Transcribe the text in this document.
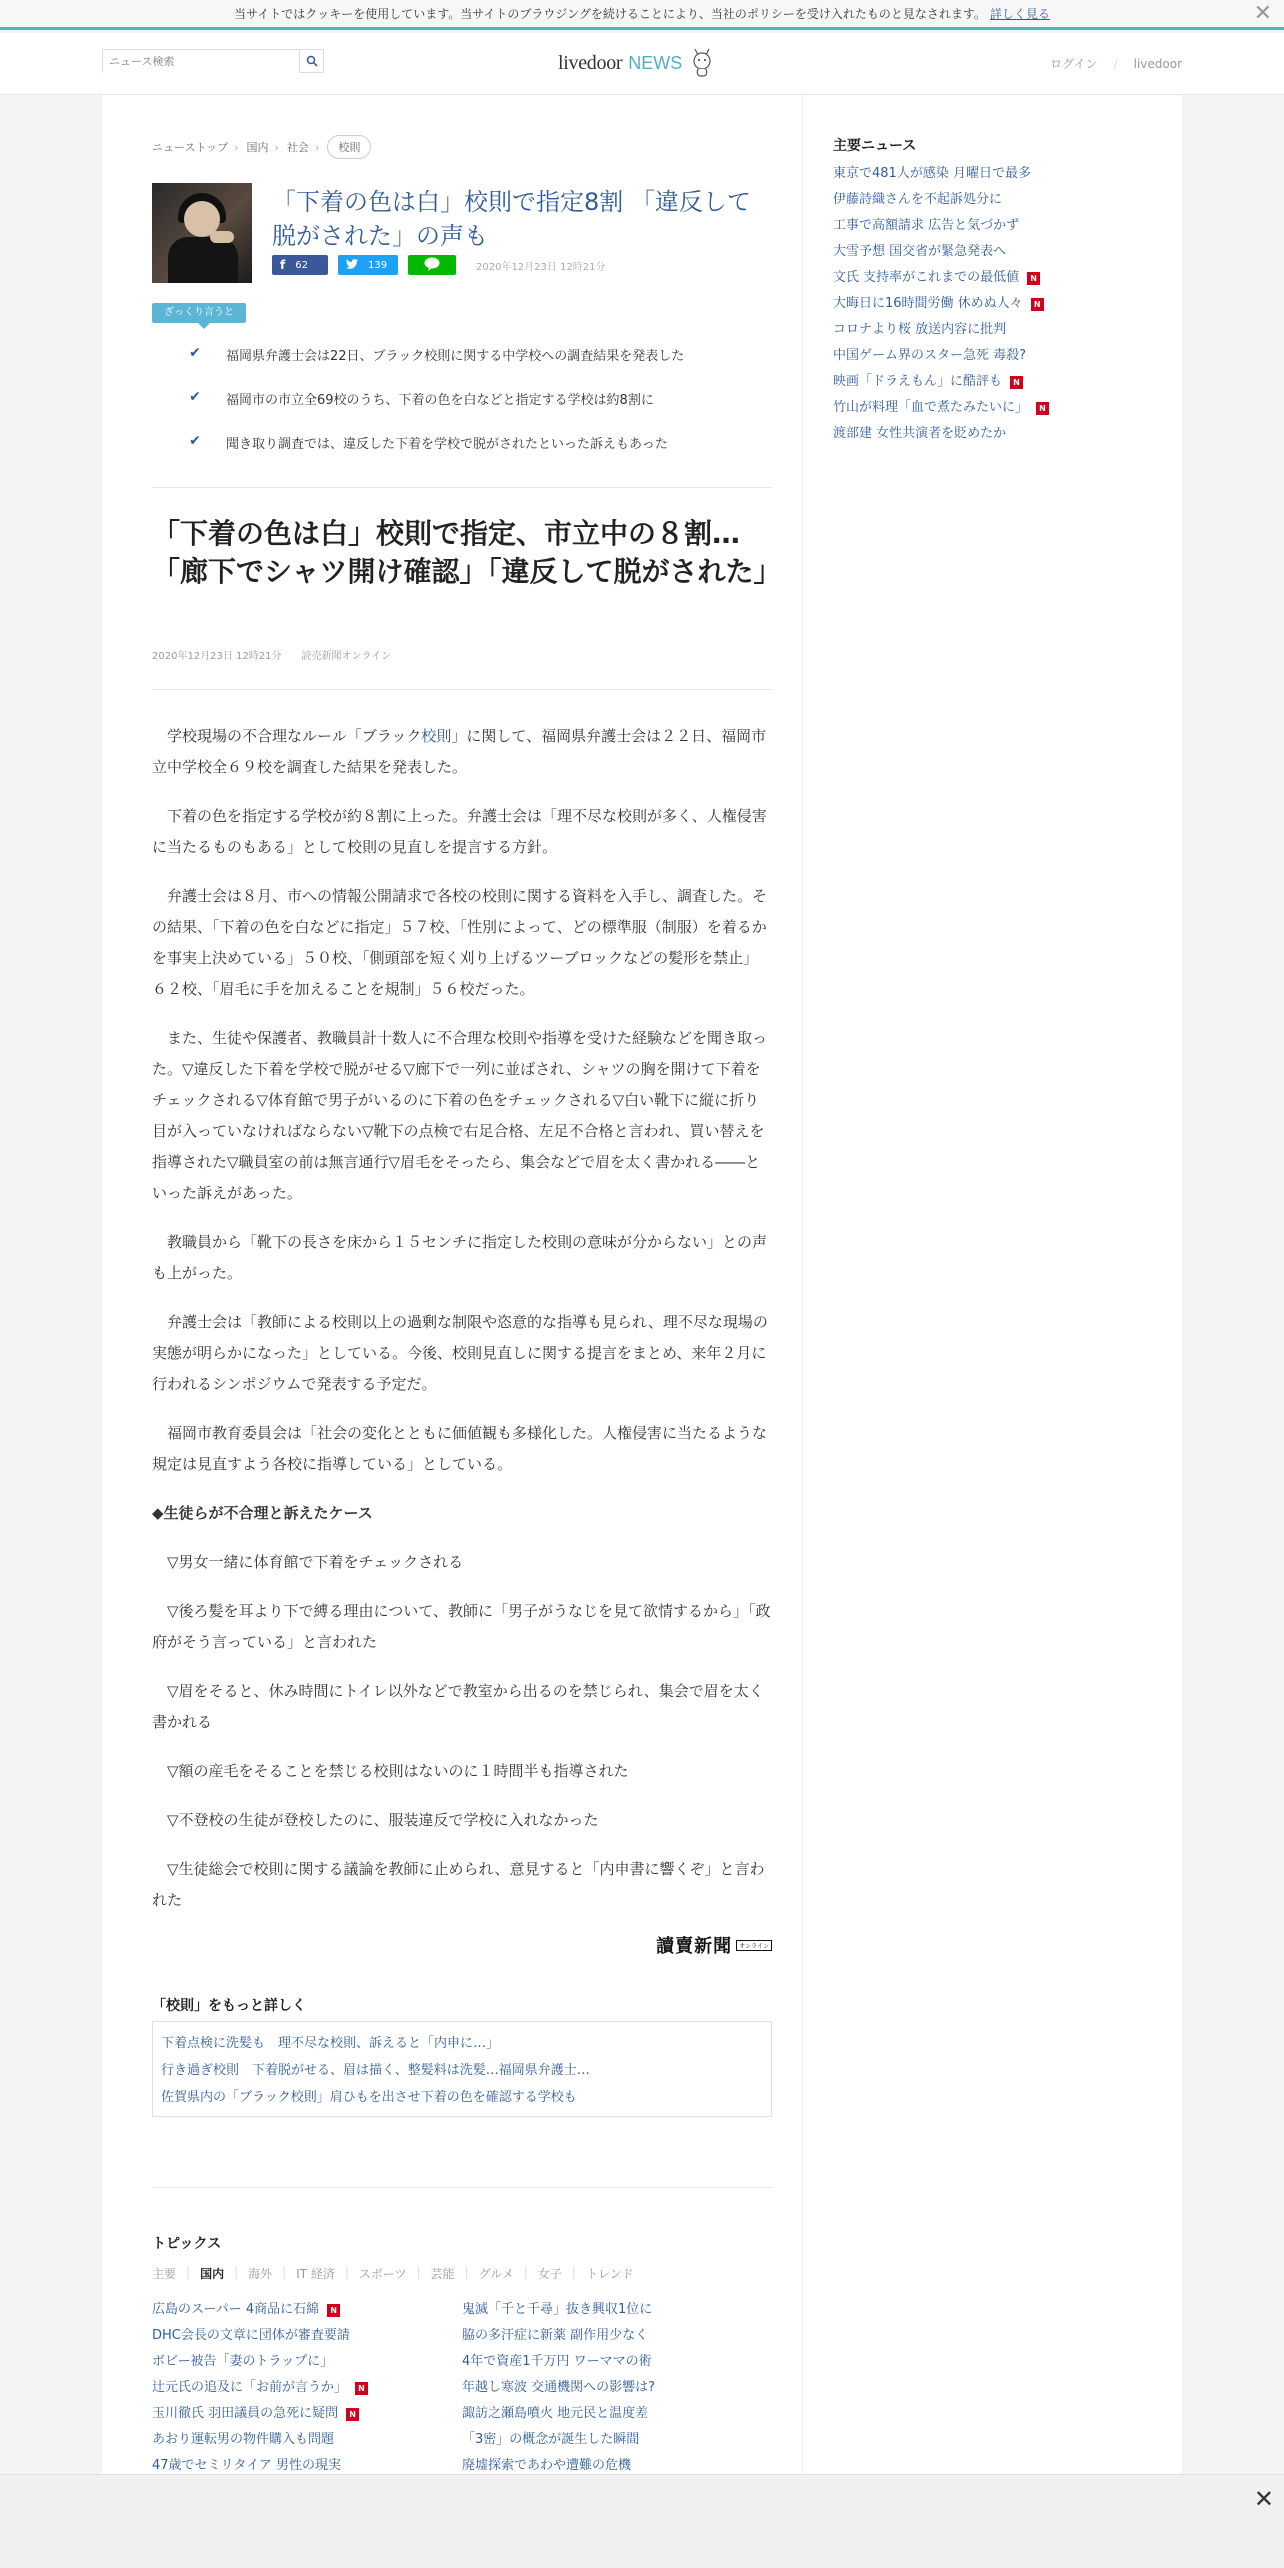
当サイトではクッキーを使用しています。当サイトのブラウジングを続けることにより、当社のポリシーを受け入れたものと見なされます。 詳しく見る	✕
ニュース検索
livedoor NEWS	ログイン / livedoor
ニューストップ › 国内 › 社会 ›	校則
「下着の色は白」校則で指定8割 「違反して脱がされた」の声も
f 62	139	2020年12月23日 12時21分
ざっくり言うと
✔	福岡県弁護士会は22日、ブラック校則に関する中学校への調査結果を発表した
✔	福岡市の市立全69校のうち、下着の色を白などと指定する学校は約8割に
✔	聞き取り調査では、違反した下着を学校で脱がされたといった訴えもあった
「下着の色は白」校則で指定、市立中の８割…「廊下でシャツ開け確認」「違反して脱がされた」
2020年12月23日 12時21分 読売新聞オンライン

学校現場の不合理なルール「ブラック校則」に関して、福岡県弁護士会は２２日、福岡市立中学校全６９校を調査した結果を発表した。

下着の色を指定する学校が約８割に上った。弁護士会は「理不尽な校則が多く、人権侵害に当たるものもある」として校則の見直しを提言する方針。

弁護士会は８月、市への情報公開請求で各校の校則に関する資料を入手し、調査した。その結果、「下着の色を白などに指定」５７校、「性別によって、どの標準服（制服）を着るかを事実上決めている」５０校、「側頭部を短く刈り上げるツーブロックなどの髪形を禁止」６２校、「眉毛に手を加えることを規制」５６校だった。

また、生徒や保護者、教職員計十数人に不合理な校則や指導を受けた経験などを聞き取った。▽違反した下着を学校で脱がせる▽廊下で一列に並ばされ、シャツの胸を開けて下着をチェックされる▽体育館で男子がいるのに下着の色をチェックされる▽白い靴下に縦に折り目が入っていなければならない▽靴下の点検で右足合格、左足不合格と言われ、買い替えを指導された▽職員室の前は無言通行▽眉毛をそったら、集会などで眉を太く書かれる――といった訴えがあった。

教職員から「靴下の長さを床から１５センチに指定した校則の意味が分からない」との声も上がった。

弁護士会は「教師による校則以上の過剰な制限や恣意的な指導も見られ、理不尽な現場の実態が明らかになった」としている。今後、校則見直しに関する提言をまとめ、来年２月に行われるシンポジウムで発表する予定だ。

福岡市教育委員会は「社会の変化とともに価値観も多様化した。人権侵害に当たるような規定は見直すよう各校に指導している」としている。

◆生徒らが不合理と訴えたケース

▽男女一緒に体育館で下着をチェックされる

▽後ろ髪を耳より下で縛る理由について、教師に「男子がうなじを見て欲情するから」「政府がそう言っている」と言われた

▽眉をそると、休み時間にトイレ以外などで教室から出るのを禁じられ、集会で眉を太く書かれる

▽額の産毛をそることを禁じる校則はないのに１時間半も指導された

▽不登校の生徒が登校したのに、服装違反で学校に入れなかった

▽生徒総会で校則に関する議論を教師に止められ、意見すると「内申書に響くぞ」と言われた

讀賣新聞	オンライン
「校則」をもっと詳しく
下着点検に洗髪も　理不尽な校則、訴えると「内申に…」
行き過ぎ校則　下着脱がせる、眉は描く、整髪料は洗髪…福岡県弁護士…
佐賀県内の「ブラック校則」肩ひもを出させ下着の色を確認する学校も
トピックス
主要 | 国内 | 海外 | IT 経済 | スポーツ | 芸能 | グルメ | 女子 | トレンド
広島のスーパー 4商品に石綿	N
DHC会長の文章に団体が審査要請
ボビー被告「妻のトラップに」
辻元氏の追及に「お前が言うか」	N
玉川徹氏 羽田議員の急死に疑問	N
あおり運転男の物件購入も問題
47歳でセミリタイア 男性の現実
鬼滅「千と千尋」抜き興収1位に
脇の多汗症に新薬 副作用少なく
4年で資産1千万円 ワーママの術
年越し寒波 交通機関への影響は?
諏訪之瀬島噴火 地元民と温度差
「3密」の概念が誕生した瞬間
廃墟探索であわや遭難の危機
主要ニュース
東京で481人が感染 月曜日で最多
伊藤詩織さんを不起訴処分に
工事で高額請求 広告と気づかず
大雪予想 国交省が緊急発表へ
文氏 支持率がこれまでの最低値	N
大晦日に16時間労働 休めぬ人々	N
コロナより桜 放送内容に批判
中国ゲーム界のスター急死 毒殺?
映画「ドラえもん」に酷評も	N
竹山が料理「血で煮たみたいに」	N
渡部建 女性共演者を貶めたか
✕
